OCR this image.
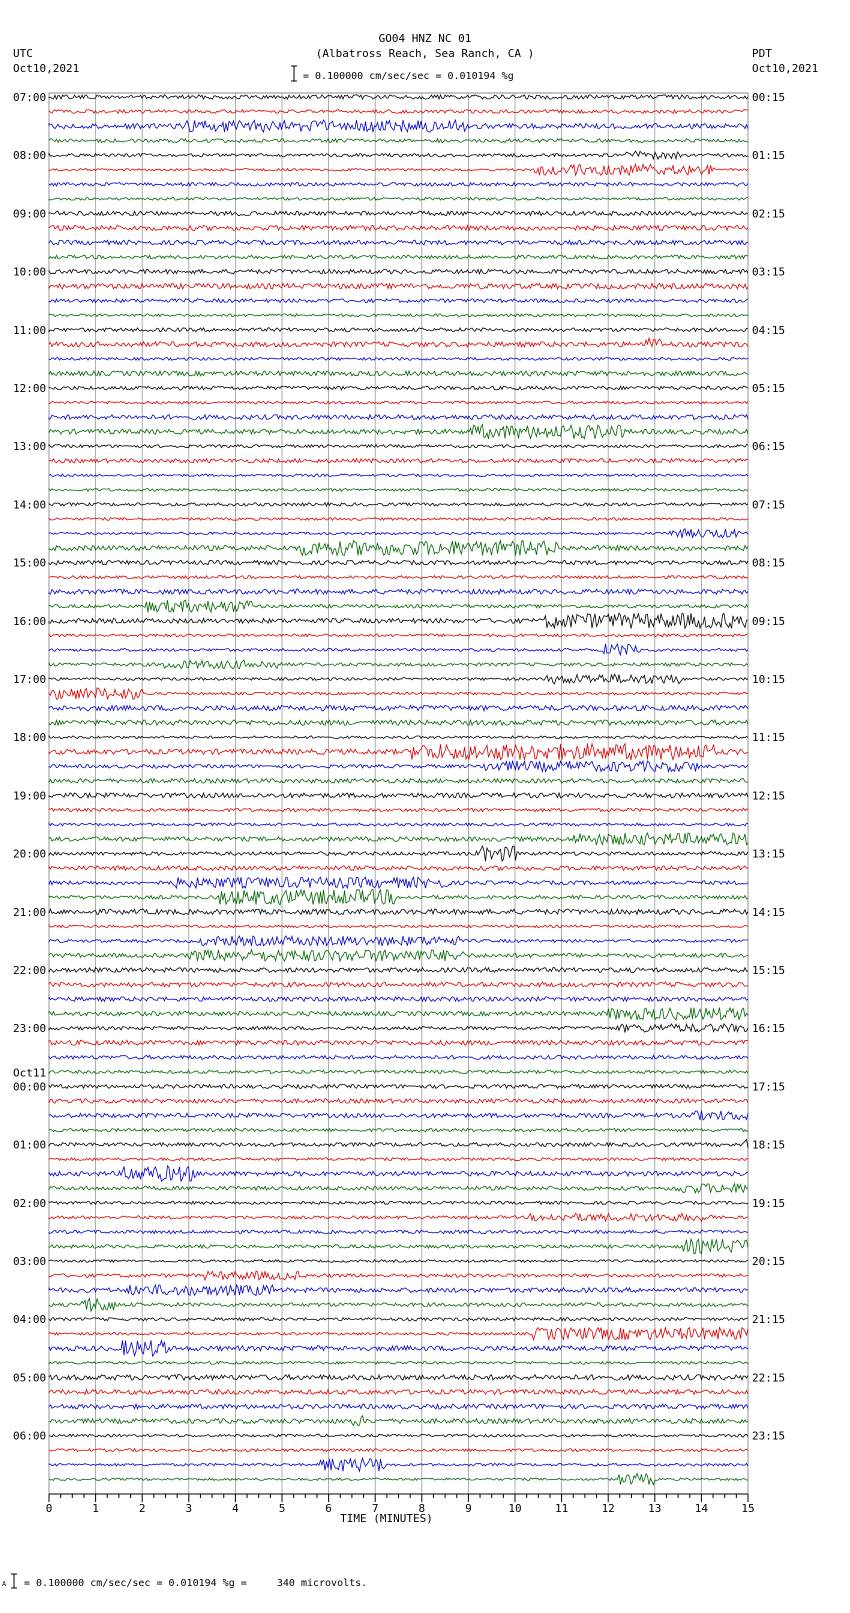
GO04 HNZ NC 01
(Albatross Reach, Sea Ranch, CA )
= 0.100000 cm/sec/sec = 0.010194 %g
UTC
Oct10,2021
PDT
Oct10,2021
A = 0.100000 cm/sec/sec = 0.010194 %g =     340 microvolts.
07:00
08:00
09:00
10:00
11:00
12:00
13:00
14:00
15:00
16:00
17:00
18:00
19:00
20:00
21:00
22:00
23:00
00:00
01:00
02:00
03:00
04:00
05:00
06:00
Oct11
00:15
01:15
02:15
03:15
04:15
05:15
06:15
07:15
08:15
09:15
10:15
11:15
12:15
13:15
14:15
15:15
16:15
17:15
18:15
19:15
20:15
21:15
22:15
23:15
0	1	2	3	4	5	6	7	8	9	10	11	12	13	14	15
TIME (MINUTES)
